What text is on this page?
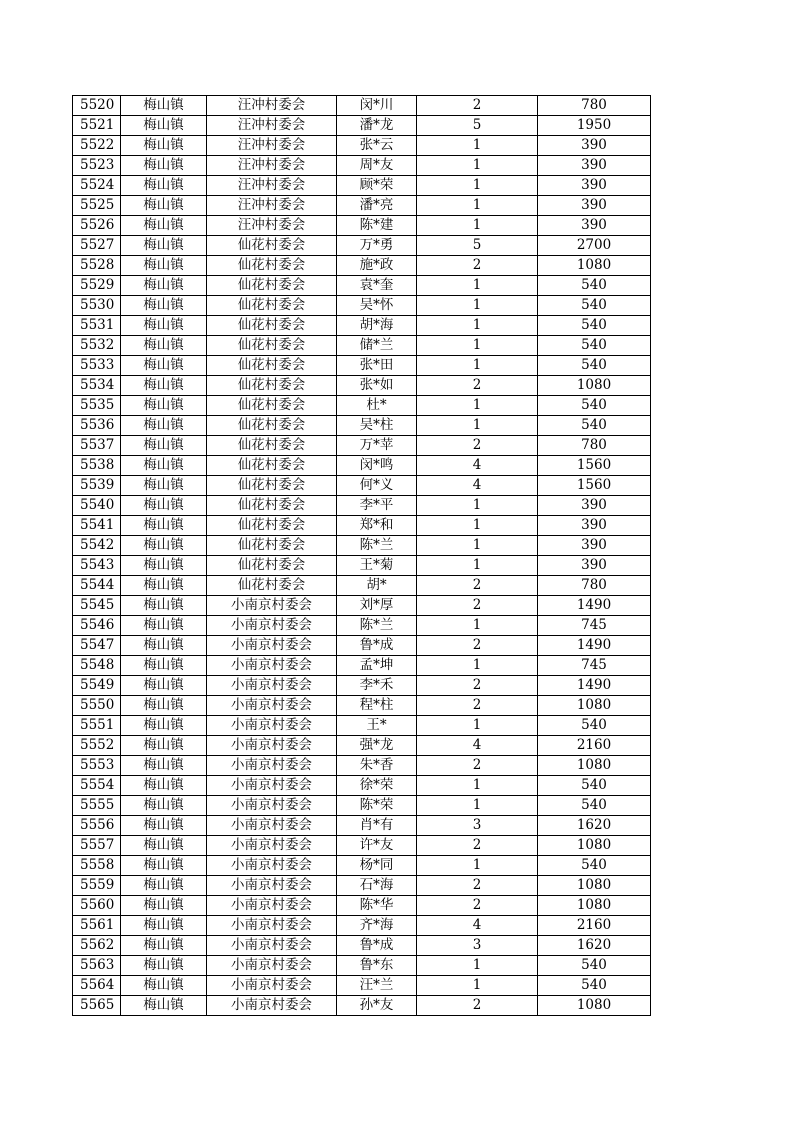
5520	梅山镇	汪冲村委会	闵*川	2	780
5521	梅山镇	汪冲村委会	潘*龙	5	1950
5522	梅山镇	汪冲村委会	张*云	1	390
5523	梅山镇	汪冲村委会	周*友	1	390
5524	梅山镇	汪冲村委会	顾*荣	1	390
5525	梅山镇	汪冲村委会	潘*亮	1	390
5526	梅山镇	汪冲村委会	陈*建	1	390
5527	梅山镇	仙花村委会	万*勇	5	2700
5528	梅山镇	仙花村委会	施*政	2	1080
5529	梅山镇	仙花村委会	袁*奎	1	540
5530	梅山镇	仙花村委会	吴*怀	1	540
5531	梅山镇	仙花村委会	胡*海	1	540
5532	梅山镇	仙花村委会	储*兰	1	540
5533	梅山镇	仙花村委会	张*田	1	540
5534	梅山镇	仙花村委会	张*如	2	1080
5535	梅山镇	仙花村委会	杜*	1	540
5536	梅山镇	仙花村委会	吴*柱	1	540
5537	梅山镇	仙花村委会	万*苹	2	780
5538	梅山镇	仙花村委会	闵*鸣	4	1560
5539	梅山镇	仙花村委会	何*义	4	1560
5540	梅山镇	仙花村委会	李*平	1	390
5541	梅山镇	仙花村委会	郑*和	1	390
5542	梅山镇	仙花村委会	陈*兰	1	390
5543	梅山镇	仙花村委会	王*菊	1	390
5544	梅山镇	仙花村委会	胡*	2	780
5545	梅山镇	小南京村委会	刘*厚	2	1490
5546	梅山镇	小南京村委会	陈*兰	1	745
5547	梅山镇	小南京村委会	鲁*成	2	1490
5548	梅山镇	小南京村委会	孟*坤	1	745
5549	梅山镇	小南京村委会	李*禾	2	1490
5550	梅山镇	小南京村委会	程*柱	2	1080
5551	梅山镇	小南京村委会	王*	1	540
5552	梅山镇	小南京村委会	强*龙	4	2160
5553	梅山镇	小南京村委会	朱*香	2	1080
5554	梅山镇	小南京村委会	徐*荣	1	540
5555	梅山镇	小南京村委会	陈*荣	1	540
5556	梅山镇	小南京村委会	肖*有	3	1620
5557	梅山镇	小南京村委会	许*友	2	1080
5558	梅山镇	小南京村委会	杨*同	1	540
5559	梅山镇	小南京村委会	石*海	2	1080
5560	梅山镇	小南京村委会	陈*华	2	1080
5561	梅山镇	小南京村委会	齐*海	4	2160
5562	梅山镇	小南京村委会	鲁*成	3	1620
5563	梅山镇	小南京村委会	鲁*东	1	540
5564	梅山镇	小南京村委会	汪*兰	1	540
5565	梅山镇	小南京村委会	孙*友	2	1080
